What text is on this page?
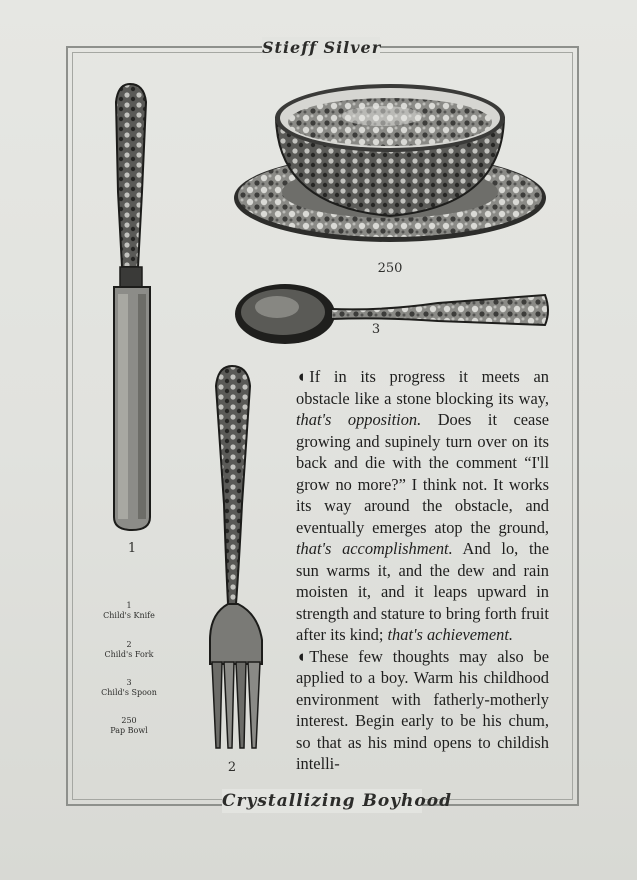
Stieff Silver
250
3
1
2
1
Child's Knife
2
Child's Fork
3
Child's Spoon
250
Pap Bowl

◖ If in its progress it meets an obstacle like a stone blocking its way, that's opposition. Does it cease growing and supinely turn over on its back and die with the comment “I'll grow no more?” I think not. It works its way around the obstacle, and eventually emerges atop the ground, that's accomplishment. And lo, the sun warms it, and the dew and rain moisten it, and it leaps upward in strength and stature to bring forth fruit after its kind; that's achievement.

◖ These few thoughts may also be applied to a boy. Warm his childhood environment with fatherly-motherly interest. Begin early to be his chum, so that as his mind opens to childish intelli-

Crystallizing Boyhood
